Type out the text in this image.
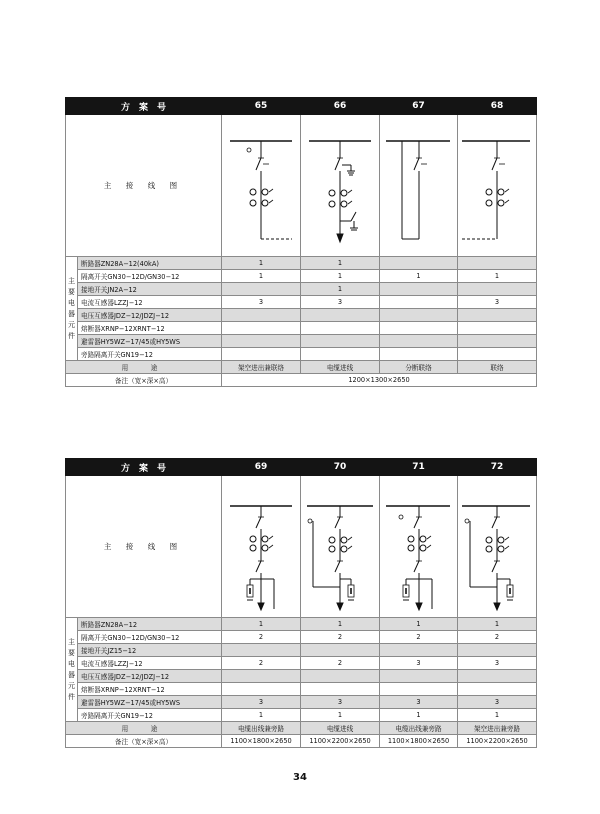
方　案　号		65	66	67	68
主 接 线 图	

主要电器元件	断路器ZN28A−12(40kA)	1	1		
	隔离开关GN30−12D/GN30−12	1	1	1	1
	接地开关JN2A−12		1		
	电流互感器LZZJ−12	3	3		3
	电压互感器JDZ−12/JDZJ−12				
	熔断器XRNP−12XRNT−12				
	避雷器HY5WZ−17/45或HY5WS				
	旁路隔离开关GN19−12				
用　途		架空进出兼联络	电缆进线	分断联络	联络
备注（宽×深×高）		1200×1300×2650			
方　案　号		69	70	71	72
主 接 线 图	

主要电器元件	断路器ZN28A−12	1	1	1	1
	隔离开关GN30−12D/GN30−12	2	2	2	2
	接地开关JZ15−12				
	电流互感器LZZJ−12	2	2	3	3
	电压互感器JDZ−12/JDZJ−12				
	熔断器XRNP−12XRNT−12				
	避雷器HY5WZ−17/45或HY5WS	3	3	3	3
	旁路隔离开关GN19−12	1	1	1	1
用　途		电缆出线兼旁路	电缆进线	电缆出线兼旁路	架空进出兼旁路
备注（宽×深×高）		1100×1800×2650	1100×2200×2650	1100×1800×2650	1100×2200×2650
34
